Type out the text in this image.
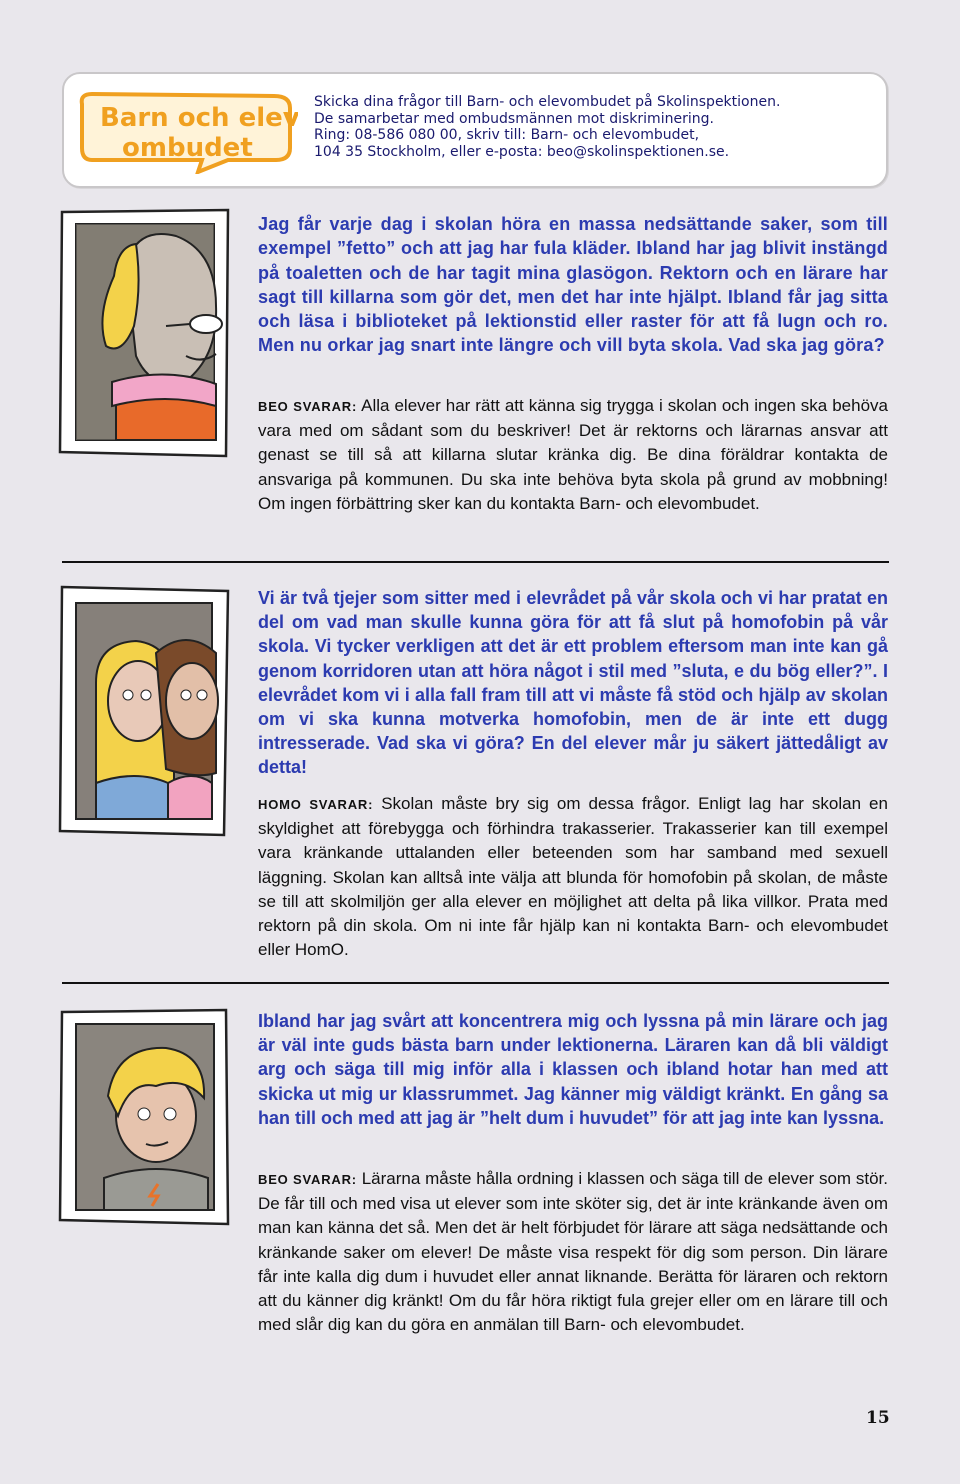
Barn och elev
ombudet
Skicka dina frågor till Barn- och elevombudet på Skolinspektionen.
De samarbetar med ombudsmännen mot diskriminering.
Ring: 08-586 080 00, skriv till: Barn- och elevombudet,
104 35 Stockholm, eller e-posta: beo@skolinspektionen.se.
Jag får varje dag i skolan höra en massa nedsättande saker, som till exempel ”fetto” och att jag har fula kläder. Ibland har jag blivit instängd på toaletten och de har tagit mina glasögon. Rektorn och en lärare har sagt till killarna som gör det, men det har inte hjälpt. Ibland får jag sitta och läsa i biblioteket på lektionstid eller raster för att få lugn och ro. Men nu orkar jag snart inte längre och vill byta skola. Vad ska jag göra?
BEO SVARAR: Alla elever har rätt att känna sig trygga i skolan och ingen ska behöva vara med om sådant som du beskriver! Det är rektorns och lärarnas ansvar att genast se till så att killarna slutar kränka dig. Be dina föräldrar kontakta de ansvariga på kommunen. Du ska inte behöva byta skola på grund av mobbning! Om ingen förbättring sker kan du kontakta Barn- och elevombudet.
Vi är två tjejer som sitter med i elevrådet på vår skola och vi har pratat en del om vad man skulle kunna göra för att få slut på homofobin på vår skola. Vi tycker verkligen att det är ett problem eftersom man inte kan gå genom korridoren utan att höra något i stil med ”sluta, e du bög eller?”. I elevrådet kom vi i alla fall fram till att vi måste få stöd och hjälp av skolan om vi ska kunna motverka homofobin, men de är inte ett dugg intresserade. Vad ska vi göra? En del elever mår ju säkert jättedåligt av detta!
HOMO SVARAR: Skolan måste bry sig om dessa frågor. Enligt lag har skolan en skyldighet att förebygga och förhindra trakasserier. Trakasserier kan till exempel vara kränkande uttalanden eller beteenden som har samband med sexuell läggning. Skolan kan alltså inte välja att blunda för homofobin på skolan, de måste se till att skolmiljön ger alla elever en möjlighet att delta på lika villkor. Prata med rektorn på din skola. Om ni inte får hjälp kan ni kontakta Barn- och elevombudet eller HomO.
Ibland har jag svårt att koncentrera mig och lyssna på min lärare och jag är väl inte guds bästa barn under lektionerna. Läraren kan då bli väldigt arg och säga till mig inför alla i klassen och ibland hotar han med att skicka ut mig ur klassrummet. Jag känner mig väldigt kränkt. En gång sa han till och med att jag är ”helt dum i huvudet” för att jag inte kan lyssna.
BEO SVARAR: Lärarna måste hålla ordning i klassen och säga till de elever som stör. De får till och med visa ut elever som inte sköter sig, det är inte kränkande även om man kan känna det så. Men det är helt förbjudet för lärare att säga nedsättande och kränkande saker om elever! De måste visa respekt för dig som person. Din lärare får inte kalla dig dum i huvudet eller annat liknande. Berätta för läraren och rektorn att du känner dig kränkt! Om du får höra riktigt fula grejer eller om en lärare till och med slår dig kan du göra en anmälan till Barn- och elevombudet.
15
